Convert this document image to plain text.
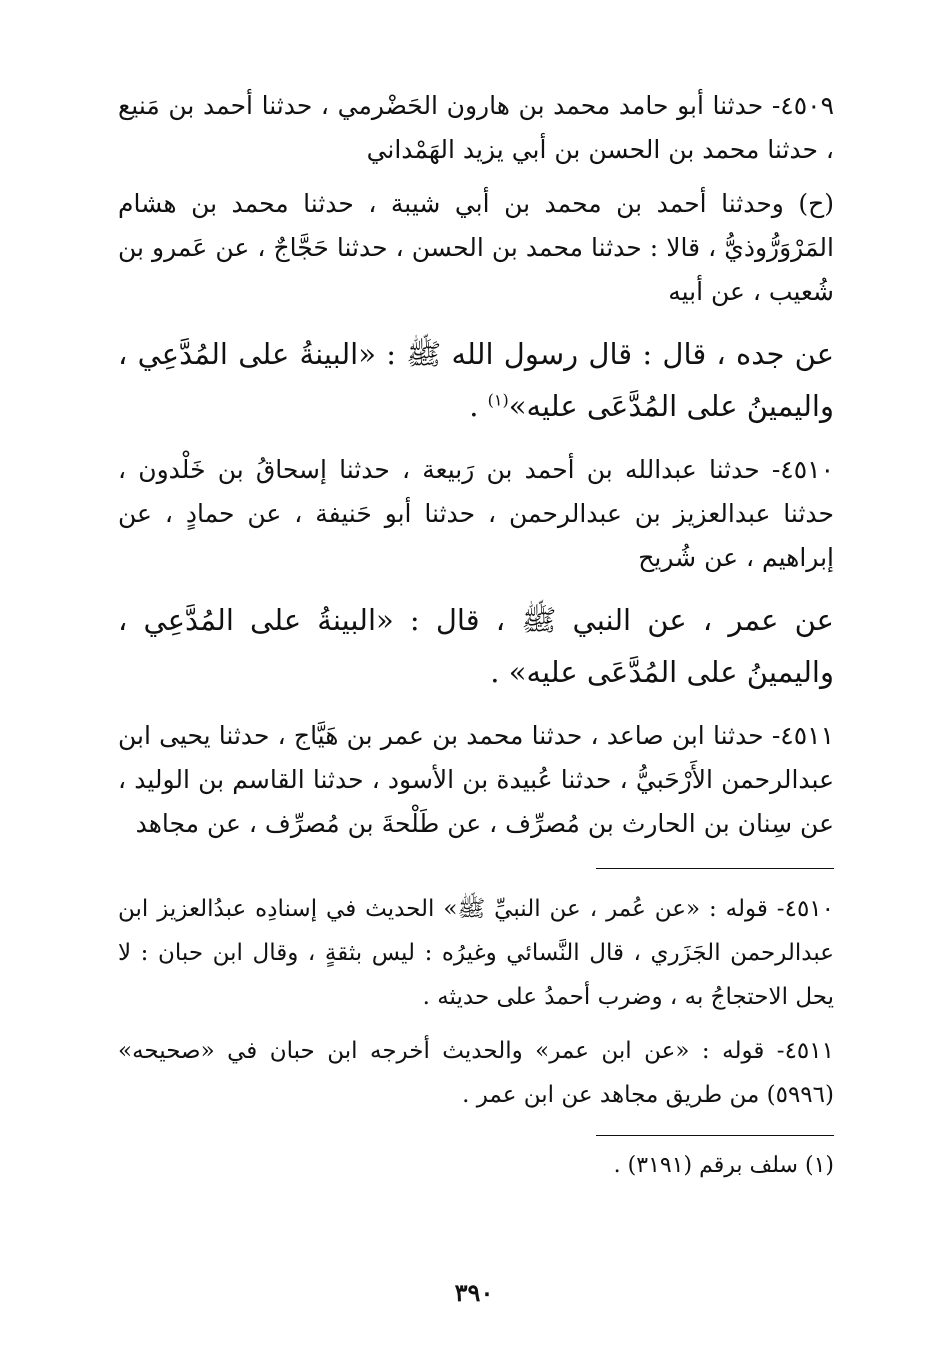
٤٥٠٩- حدثنا أبو حامد محمد بن هارون الحَضْرمي ، حدثنا أحمد بن مَنيع ، حدثنا محمد بن الحسن بن أبي يزيد الهَمْداني

(ح) وحدثنا أحمد بن محمد بن أبي شيبة ، حدثنا محمد بن هشام المَرْوَرُّوذيُّ ، قالا : حدثنا محمد بن الحسن ، حدثنا حَجَّاجٌ ، عن عَمرو بن شُعيب ، عن أبيه

عن جده ، قال : قال رسول الله ﷺ : «البينةُ على المُدَّعِي ، واليمينُ على المُدَّعَى عليه»$^{(١)}$ .

٤٥١٠- حدثنا عبدالله بن أحمد بن رَبيعة ، حدثنا إسحاقُ بن خَلْدون ، حدثنا عبدالعزيز بن عبدالرحمن ، حدثنا أبو حَنيفة ، عن حمادٍ ، عن إبراهيم ، عن شُريح

عن عمر ، عن النبي ﷺ ، قال : «البينةُ على المُدَّعِي ، واليمينُ على المُدَّعَى عليه» .

٤٥١١- حدثنا ابن صاعد ، حدثنا محمد بن عمر بن هَيَّاج ، حدثنا يحيى ابن عبدالرحمن الأَرْحَبيُّ ، حدثنا عُبيدة بن الأسود ، حدثنا القاسم بن الوليد ، عن سِنان بن الحارث بن مُصرِّف ، عن طَلْحةَ بن مُصرِّف ، عن مجاهد

٤٥١٠- قوله : «عن عُمر ، عن النبيِّ ﷺ» الحديث في إسنادِه عبدُالعزيز ابن عبدالرحمن الجَزَري ، قال النَّسائي وغيرُه : ليس بثقةٍ ، وقال ابن حبان : لا يحل الاحتجاجُ به ، وضرب أحمدُ على حديثه .

٤٥١١- قوله : «عن ابن عمر» والحديث أخرجه ابن حبان في «صحيحه» (٥٩٩٦) من طريق مجاهد عن ابن عمر .

(١) سلف برقم (٣١٩١) .

٣٩٠
